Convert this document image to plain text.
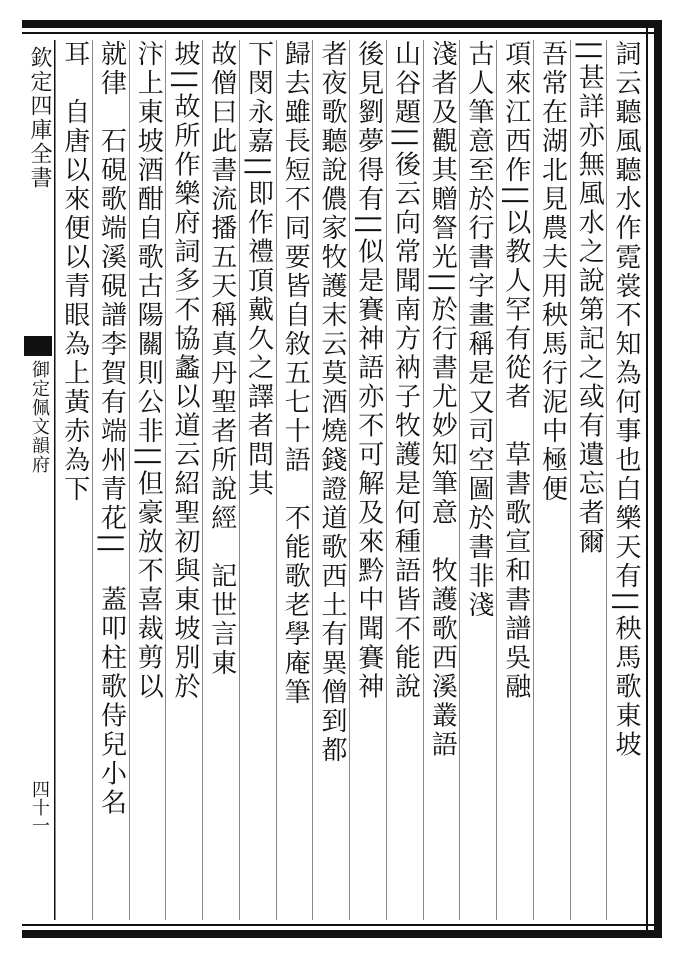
欽定四庫全書
御定佩文韻府
四十一
詞云聽風聽水作霓裳不知為何事也白樂天有||秧馬歌東坡
||甚詳亦無風水之說第記之㦯有遺忘者爾
吾常在湖北見農夫用秧馬行泥中極便
項來江西作||以教人罕有從者　草書歌宣和書譜吳融
古人筆意至於行書字畫稱是又司空圖於書非淺
淺者及觀其贈詧光||於行書尤妙知筆意　牧護歌西溪叢語
山谷題||後云向常聞南方衲子牧護是何種語皆不能說
後見劉夢得有||似是賽神語亦不可解及來黔中聞賽神
者夜歌聽說儂家牧護末云莫酒燒錢證道歌西土有異僧到都
歸去雖長短不同要皆自敘五七十語　不能歌老學庵筆
下閔永嘉||即作禮頂戴久之譯者問其
故僧曰此書流播五天稱真丹聖者所說經　記世言東
坡||故所作樂府詞多不協蠡以道云紹聖初與東坡別於
汴上東坡酒酣自歌古陽關則公非||但豪放不喜裁剪以
就律　石硯歌端溪硯譜李賀有端州青花||　蓋叩柱歌侍兒小名
耳　自唐以來便以青眼為上黃赤為下
